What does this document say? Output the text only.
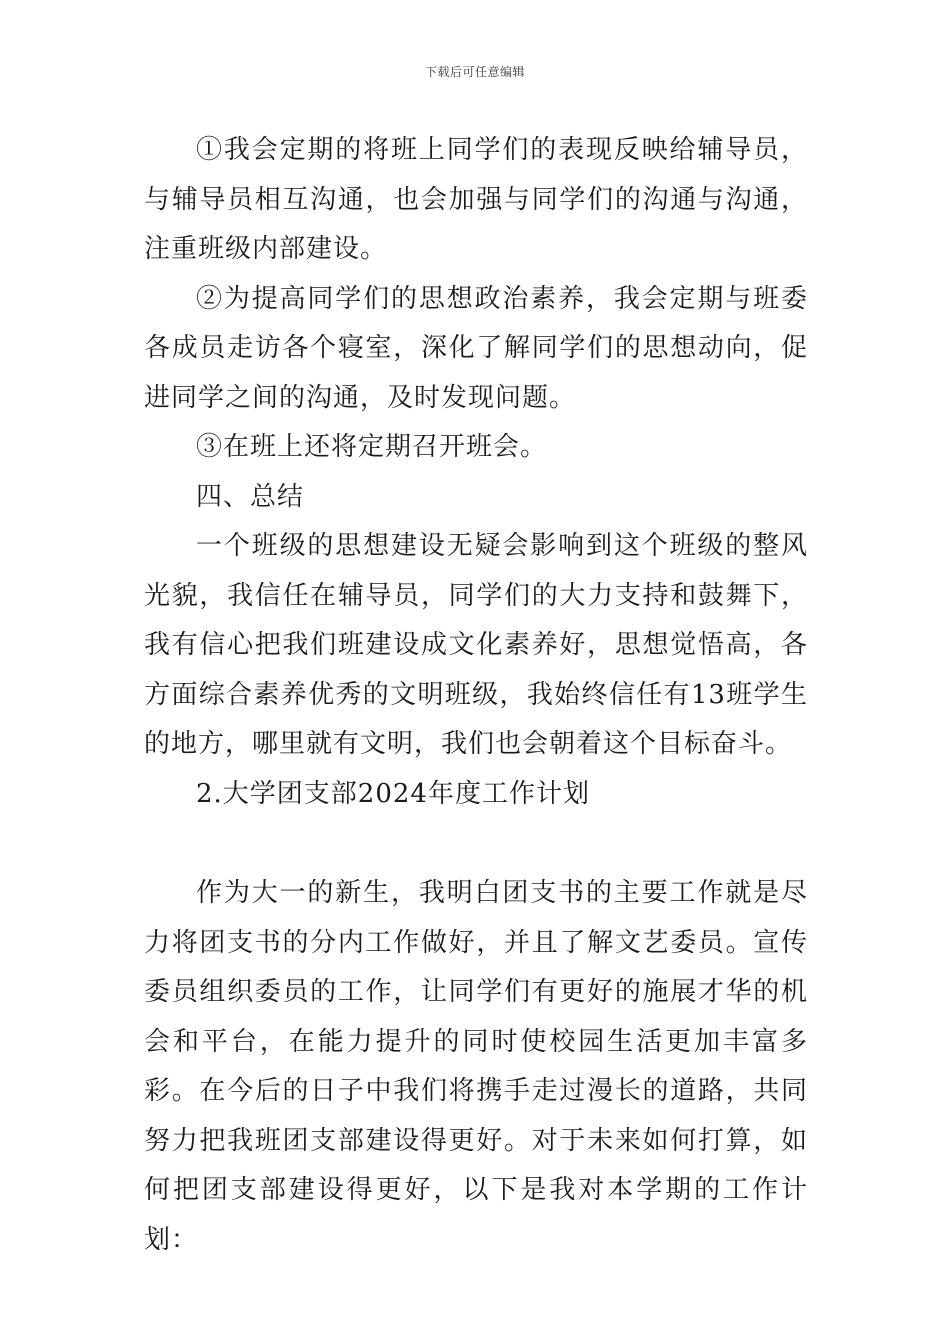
下载后可任意编辑

①我会定期的将班上同学们的表现反映给辅导员，与辅导员相互沟通，也会加强与同学们的沟通与沟通，注重班级内部建设。

②为提高同学们的思想政治素养，我会定期与班委各成员走访各个寝室，深化了解同学们的思想动向，促进同学之间的沟通，及时发现问题。

③在班上还将定期召开班会。

四、总结

一个班级的思想建设无疑会影响到这个班级的整风光貌，我信任在辅导员，同学们的大力支持和鼓舞下，我有信心把我们班建设成文化素养好，思想觉悟高，各方面综合素养优秀的文明班级，我始终信任有13班学生的地方，哪里就有文明，我们也会朝着这个目标奋斗。

2.大学团支部2024年度工作计划

作为大一的新生，我明白团支书的主要工作就是尽力将团支书的分内工作做好，并且了解文艺委员。宣传委员组织委员的工作，让同学们有更好的施展才华的机会和平台，在能力提升的同时使校园生活更加丰富多彩。在今后的日子中我们将携手走过漫长的道路，共同努力把我班团支部建设得更好。对于未来如何打算，如何把团支部建设得更好，以下是我对本学期的工作计划：
